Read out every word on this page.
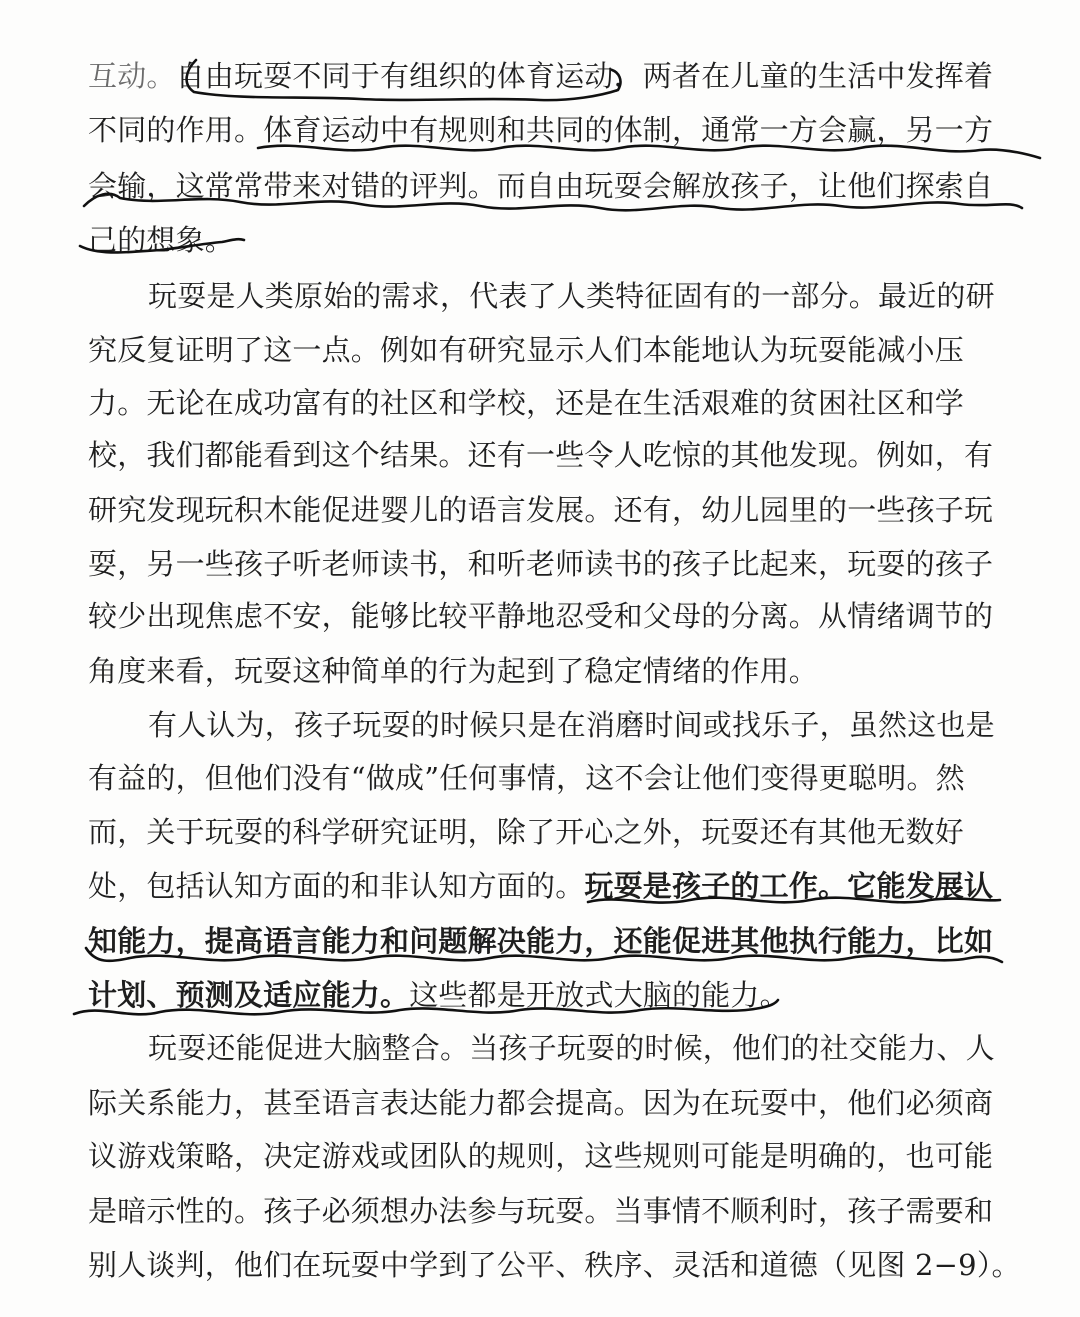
互动。自由玩耍不同于有组织的体育运动，两者在儿童的生活中发挥着
不同的作用。体育运动中有规则和共同的体制，通常一方会赢，另一方
会输，这常常带来对错的评判。而自由玩耍会解放孩子，让他们探索自
己的想象。
玩耍是人类原始的需求，代表了人类特征固有的一部分。最近的研
究反复证明了这一点。例如有研究显示人们本能地认为玩耍能减小压
力。无论在成功富有的社区和学校，还是在生活艰难的贫困社区和学
校，我们都能看到这个结果。还有一些令人吃惊的其他发现。例如，有
研究发现玩积木能促进婴儿的语言发展。还有，幼儿园里的一些孩子玩
耍，另一些孩子听老师读书，和听老师读书的孩子比起来，玩耍的孩子
较少出现焦虑不安，能够比较平静地忍受和父母的分离。从情绪调节的
角度来看，玩耍这种简单的行为起到了稳定情绪的作用。
有人认为，孩子玩耍的时候只是在消磨时间或找乐子，虽然这也是
有益的，但他们没有“做成”任何事情，这不会让他们变得更聪明。然
而，关于玩耍的科学研究证明，除了开心之外，玩耍还有其他无数好
处，包括认知方面的和非认知方面的。玩耍是孩子的工作。它能发展认
知能力，提高语言能力和问题解决能力，还能促进其他执行能力，比如
计划、预测及适应能力。这些都是开放式大脑的能力。
玩耍还能促进大脑整合。当孩子玩耍的时候，他们的社交能力、人
际关系能力，甚至语言表达能力都会提高。因为在玩耍中，他们必须商
议游戏策略，决定游戏或团队的规则，这些规则可能是明确的，也可能
是暗示性的。孩子必须想办法参与玩耍。当事情不顺利时，孩子需要和
别人谈判，他们在玩耍中学到了公平、秩序、灵活和道德（见图 2−9）。
